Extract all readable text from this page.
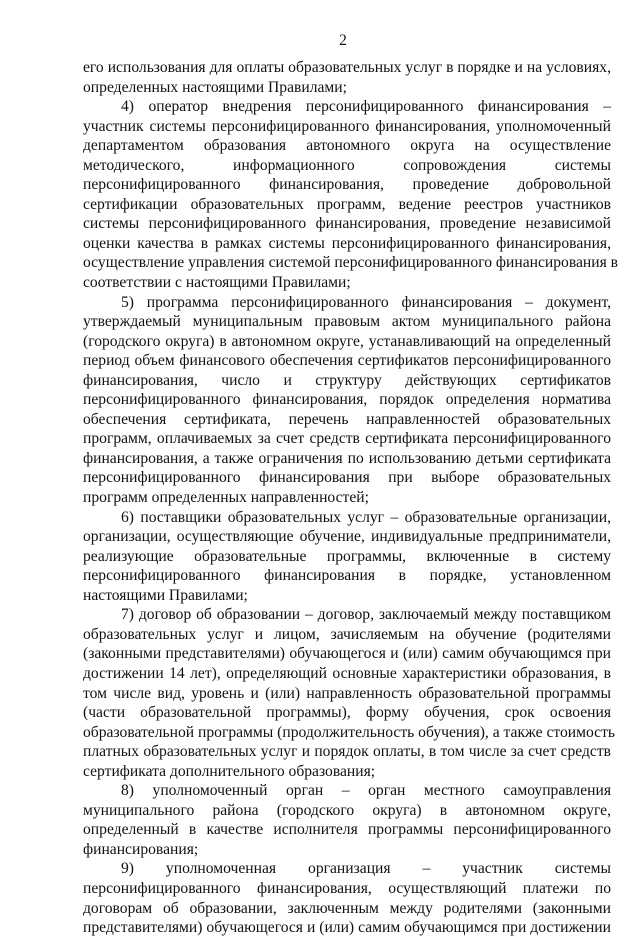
2
его использования для оплаты образовательных услуг в порядке и на условиях,
определенных настоящими Правилами;
4) оператор внедрения персонифицированного финансирования –
участник системы персонифицированного финансирования, уполномоченный
департаментом образования автономного округа на осуществление
методического, информационного сопровождения системы
персонифицированного финансирования, проведение добровольной
сертификации образовательных программ, ведение реестров участников
системы персонифицированного финансирования, проведение независимой
оценки качества в рамках системы персонифицированного финансирования,
осуществление управления системой персонифицированного финансирования в
соответствии с настоящими Правилами;
5) программа персонифицированного финансирования – документ,
утверждаемый муниципальным правовым актом муниципального района
(городского округа) в автономном округе, устанавливающий на определенный
период объем финансового обеспечения сертификатов персонифицированного
финансирования, число и структуру действующих сертификатов
персонифицированного финансирования, порядок определения норматива
обеспечения сертификата, перечень направленностей образовательных
программ, оплачиваемых за счет средств сертификата персонифицированного
финансирования, а также ограничения по использованию детьми сертификата
персонифицированного финансирования при выборе образовательных
программ определенных направленностей;
6) поставщики образовательных услуг – образовательные организации,
организации, осуществляющие обучение, индивидуальные предприниматели,
реализующие образовательные программы, включенные в систему
персонифицированного финансирования в порядке, установленном
настоящими Правилами;
7) договор об образовании – договор, заключаемый между поставщиком
образовательных услуг и лицом, зачисляемым на обучение (родителями
(законными представителями) обучающегося и (или) самим обучающимся при
достижении 14 лет), определяющий основные характеристики образования, в
том числе вид, уровень и (или) направленность образовательной программы
(части образовательной программы), форму обучения, срок освоения
образовательной программы (продолжительность обучения), а также стоимость
платных образовательных услуг и порядок оплаты, в том числе за счет средств
сертификата дополнительного образования;
8) уполномоченный орган – орган местного самоуправления
муниципального района (городского округа) в автономном округе,
определенный в качестве исполнителя программы персонифицированного
финансирования;
9) уполномоченная организация – участник системы
персонифицированного финансирования, осуществляющий платежи по
договорам об образовании, заключенным между родителями (законными
представителями) обучающегося и (или) самим обучающимся при достижении
